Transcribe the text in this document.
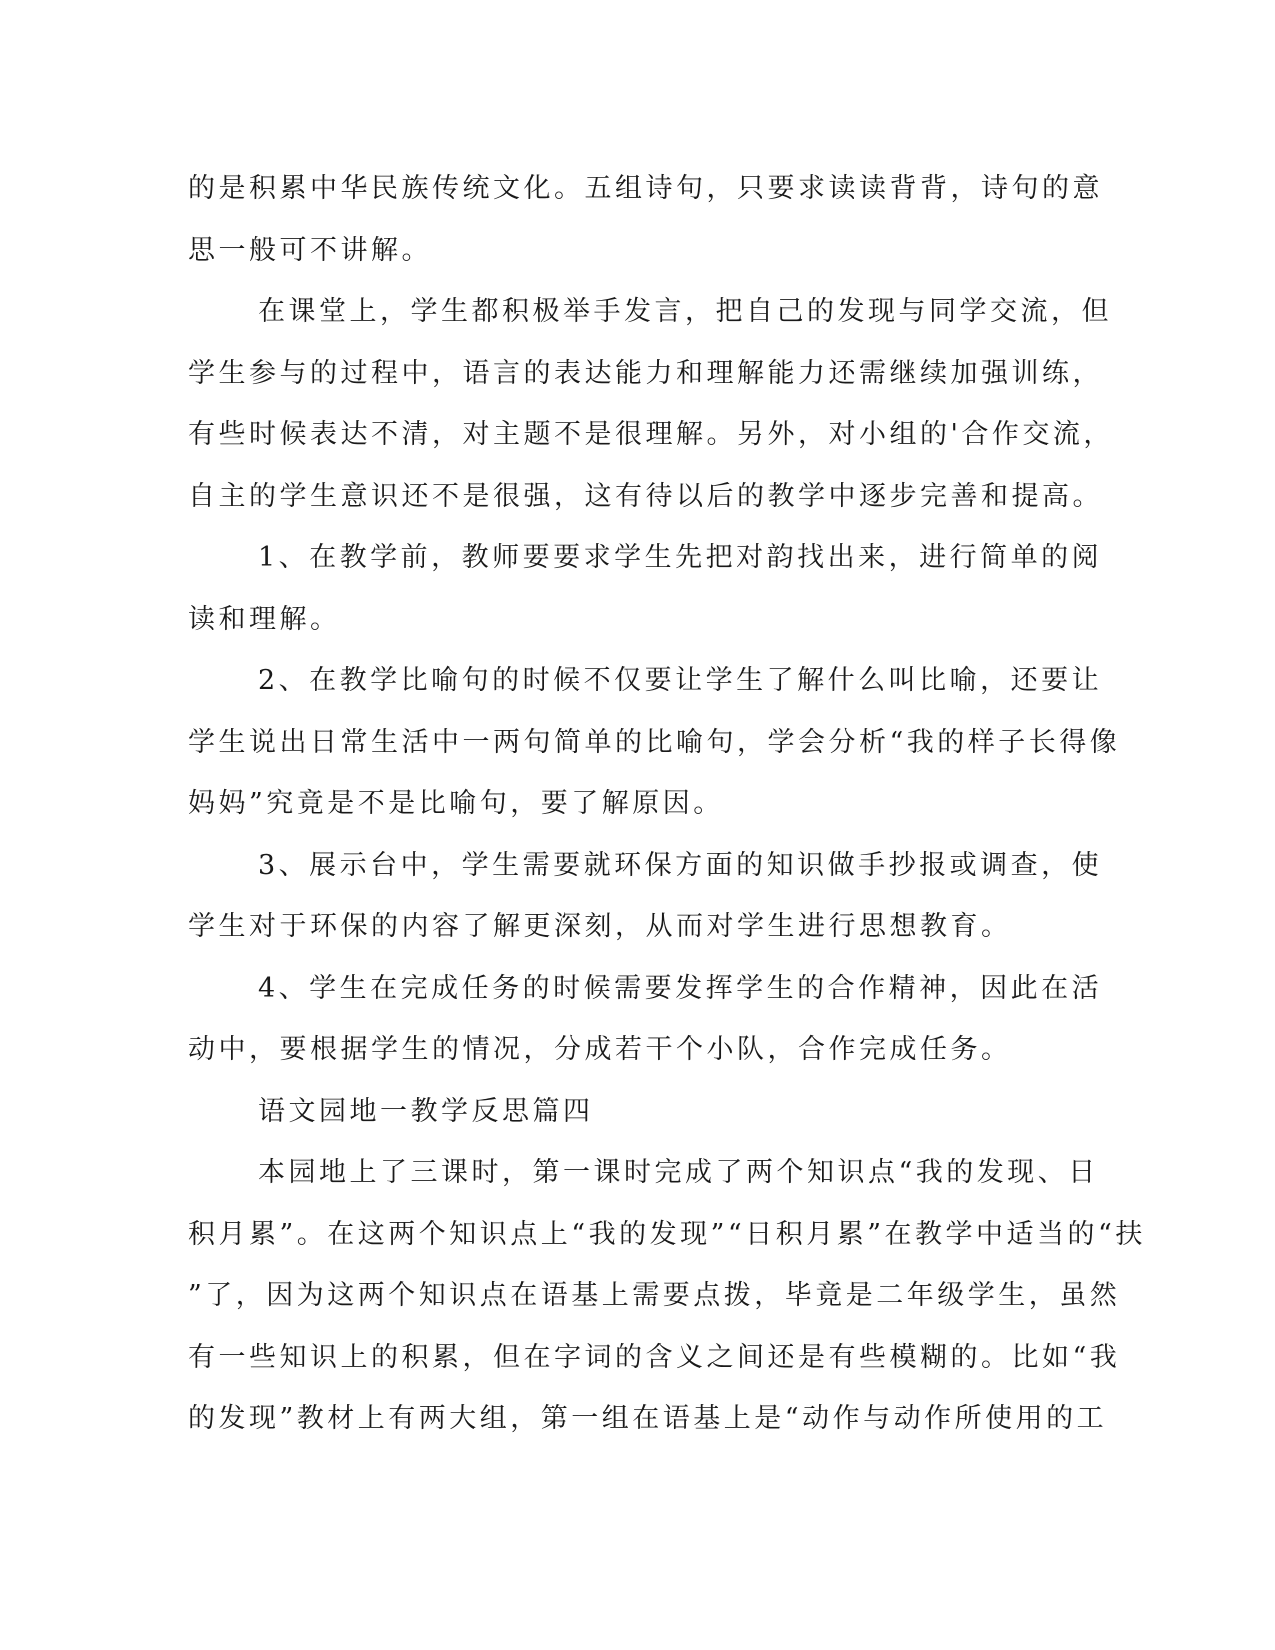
的是积累中华民族传统文化。五组诗句，只要求读读背背，诗句的意
思一般可不讲解。
在课堂上，学生都积极举手发言，把自己的发现与同学交流，但
学生参与的过程中，语言的表达能力和理解能力还需继续加强训练，
有些时候表达不清，对主题不是很理解。另外，对小组的'合作交流，
自主的学生意识还不是很强，这有待以后的教学中逐步完善和提高。
1、在教学前，教师要要求学生先把对韵找出来，进行简单的阅
读和理解。
2、在教学比喻句的时候不仅要让学生了解什么叫比喻，还要让
学生说出日常生活中一两句简单的比喻句，学会分析“我的样子长得像
妈妈”究竟是不是比喻句，要了解原因。
3、展示台中，学生需要就环保方面的知识做手抄报或调查，使
学生对于环保的内容了解更深刻，从而对学生进行思想教育。
4、学生在完成任务的时候需要发挥学生的合作精神，因此在活
动中，要根据学生的情况，分成若干个小队，合作完成任务。
语文园地一教学反思篇四
本园地上了三课时，第一课时完成了两个知识点“我的发现、日
积月累”。在这两个知识点上“我的发现”“日积月累”在教学中适当的“扶
”了，因为这两个知识点在语基上需要点拨，毕竟是二年级学生，虽然
有一些知识上的积累，但在字词的含义之间还是有些模糊的。比如“我
的发现”教材上有两大组，第一组在语基上是“动作与动作所使用的工
